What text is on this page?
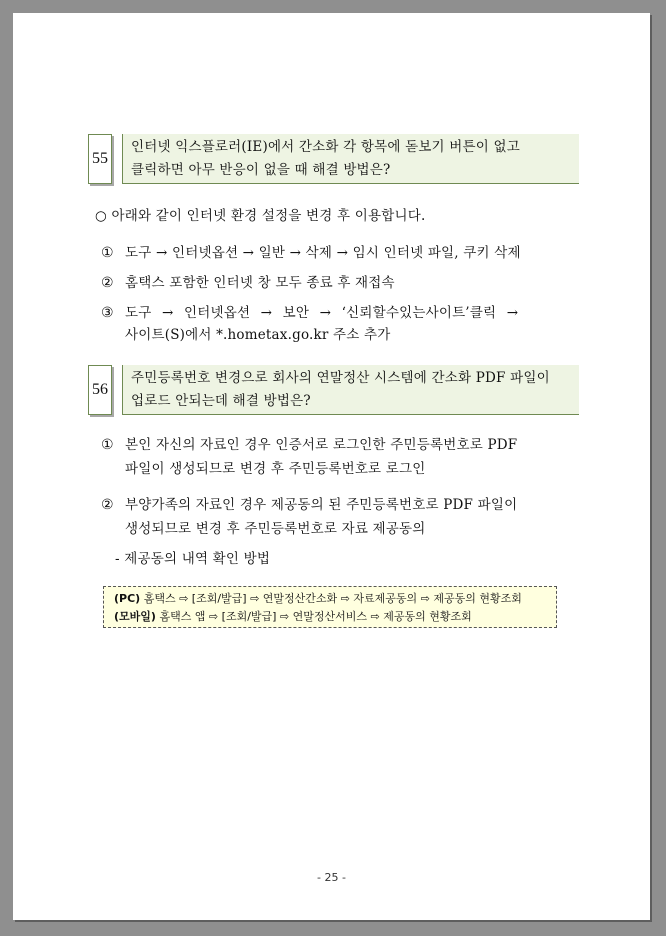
55
인터넷 익스플로러(IE)에서 간소화 각 항목에 돋보기 버튼이 없고
클릭하면 아무 반응이 없을 때 해결 방법은?
○ 아래와 같이 인터넷 환경 설정을 변경 후 이용합니다.
① 도구 → 인터넷옵션 → 일반 → 삭제 → 임시 인터넷 파일, 쿠키 삭제
② 홈택스 포함한 인터넷 창 모두 종료 후 재접속
③ 도구 → 인터넷옵션 → 보안 → ‘신뢰할수있는사이트’클릭 →
사이트(S)에서 *.hometax.go.kr 주소 추가
56
주민등록번호 변경으로 회사의 연말정산 시스템에 간소화 PDF 파일이
업로드 안되는데 해결 방법은?
① 본인 자신의 자료인 경우 인증서로 로그인한 주민등록번호로 PDF
파일이 생성되므로 변경 후 주민등록번호로 로그인
② 부양가족의 자료인 경우 제공동의 된 주민등록번호로 PDF 파일이
생성되므로 변경 후 주민등록번호로 자료 제공동의
- 제공동의 내역 확인 방법
(PC) 홈택스 ⇨ [조회/발급] ⇨ 연말정산간소화 ⇨ 자료제공동의 ⇨ 제공동의 현황조회
(모바일) 홈택스 앱 ⇨ [조회/발급] ⇨ 연말정산서비스 ⇨ 제공동의 현황조회
- 25 -
